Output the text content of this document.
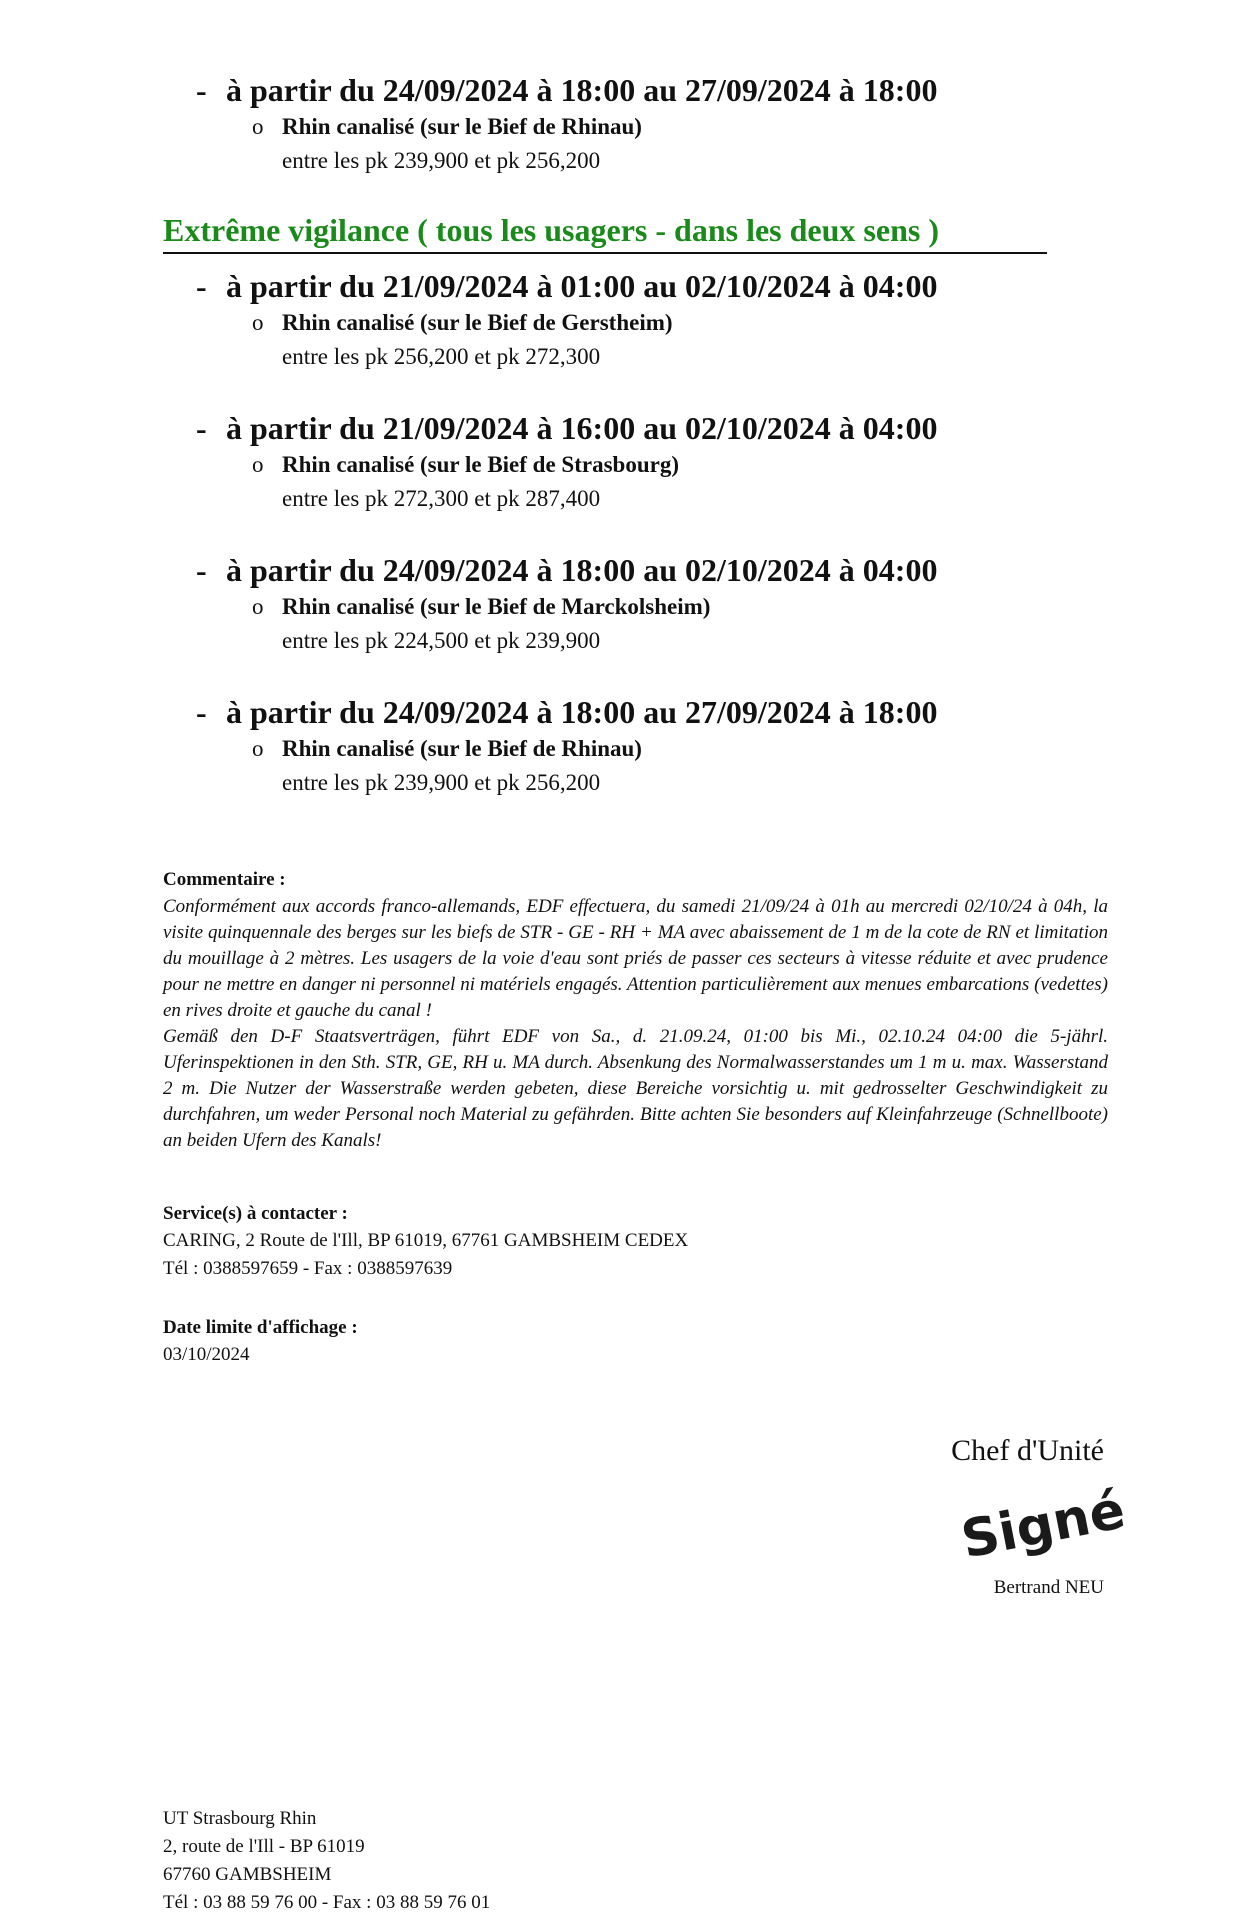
- à partir du 24/09/2024 à 18:00 au 27/09/2024 à 18:00
o Rhin canalisé (sur le Bief de Rhinau)
entre les pk 239,900 et pk 256,200
Extrême vigilance ( tous les usagers - dans les deux sens )
- à partir du 21/09/2024 à 01:00 au 02/10/2024 à 04:00
o Rhin canalisé (sur le Bief de Gerstheim)
entre les pk 256,200 et pk 272,300
- à partir du 21/09/2024 à 16:00 au 02/10/2024 à 04:00
o Rhin canalisé (sur le Bief de Strasbourg)
entre les pk 272,300 et pk 287,400
- à partir du 24/09/2024 à 18:00 au 02/10/2024 à 04:00
o Rhin canalisé (sur le Bief de Marckolsheim)
entre les pk 224,500 et pk 239,900
- à partir du 24/09/2024 à 18:00 au 27/09/2024 à 18:00
o Rhin canalisé (sur le Bief de Rhinau)
entre les pk 239,900 et pk 256,200
Commentaire :
Conformément aux accords franco-allemands, EDF effectuera, du samedi 21/09/24 à 01h au mercredi 02/10/24 à 04h, la visite quinquennale des berges sur les biefs de STR - GE - RH + MA avec abaissement de 1 m de la cote de RN et limitation du mouillage à 2 mètres. Les usagers de la voie d'eau sont priés de passer ces secteurs à vitesse réduite et avec prudence pour ne mettre en danger ni personnel ni matériels engagés. Attention particulièrement aux menues embarcations (vedettes) en rives droite et gauche du canal !
Gemäß den D-F Staatsverträgen, führt EDF von Sa., d. 21.09.24, 01:00 bis Mi., 02.10.24 04:00 die 5-jährl. Uferinspektionen in den Sth. STR, GE, RH u. MA durch. Absenkung des Normalwasserstandes um 1 m u. max. Wasserstand 2 m. Die Nutzer der Wasserstraße werden gebeten, diese Bereiche vorsichtig u. mit gedrosselter Geschwindigkeit zu durchfahren, um weder Personal noch Material zu gefährden. Bitte achten Sie besonders auf Kleinfahrzeuge (Schnellboote) an beiden Ufern des Kanals!
Service(s) à contacter :
CARING, 2 Route de l'Ill, BP 61019, 67761 GAMBSHEIM CEDEX
Tél : 0388597659 - Fax : 0388597639
Date limite d'affichage :
03/10/2024
Chef d'Unité
Signé
Bertrand NEU
UT Strasbourg Rhin
2, route de l'Ill - BP 61019
67760 GAMBSHEIM
Tél : 03 88 59 76 00 - Fax : 03 88 59 76 01
